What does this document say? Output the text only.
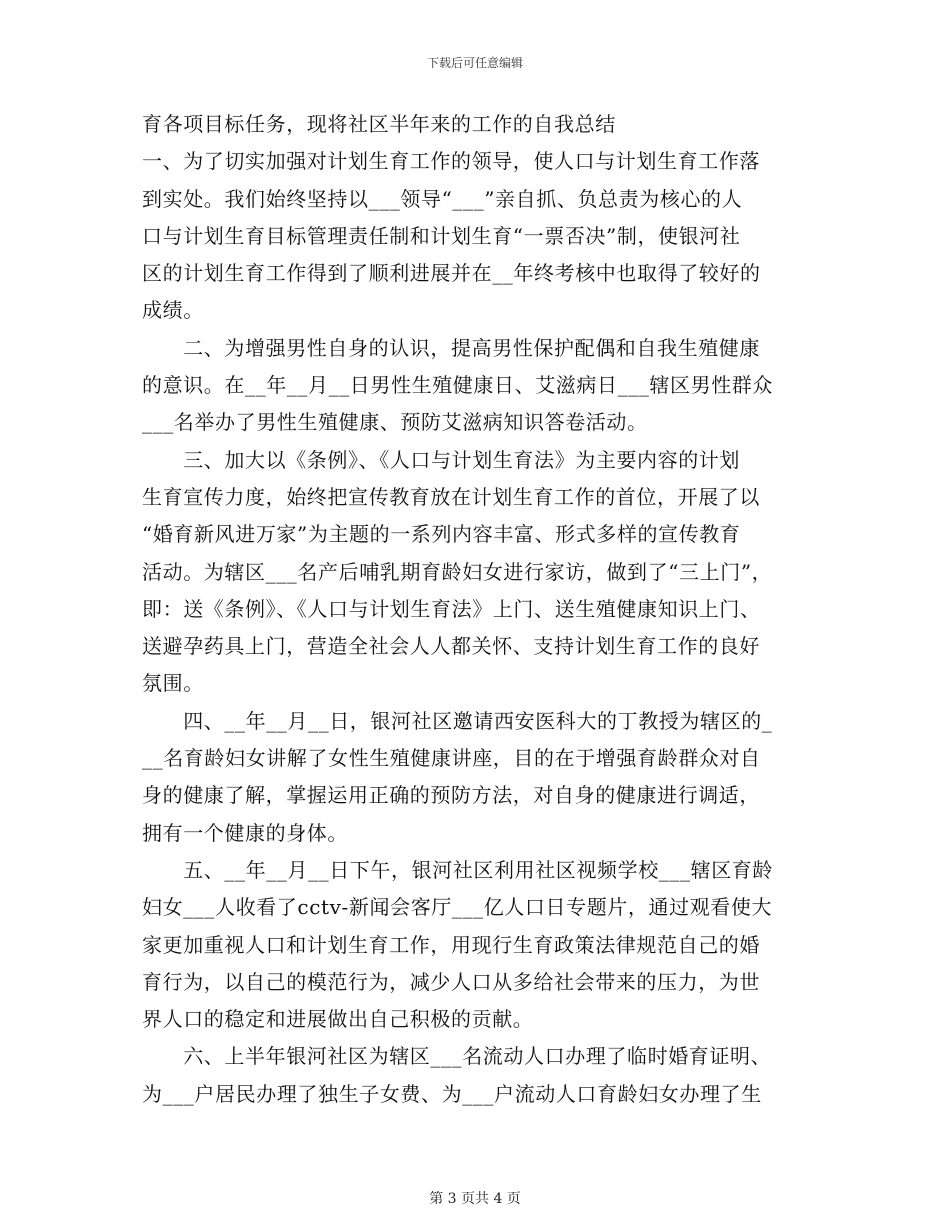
下载后可任意编辑
育各项目标任务，现将社区半年来的工作的自我总结
一、为了切实加强对计划生育工作的领导，使人口与计划生育工作落
到实处。我们始终坚持以___领导“___”亲自抓、负总责为核心的人
口与计划生育目标管理责任制和计划生育“一票否决”制，使银河社
区的计划生育工作得到了顺利进展并在__年终考核中也取得了较好的
成绩。
　　二、为增强男性自身的认识，提高男性保护配偶和自我生殖健康
的意识。在__年__月__日男性生殖健康日、艾滋病日___辖区男性群众
___名举办了男性生殖健康、预防艾滋病知识答卷活动。
　　三、加大以《条例》、《人口与计划生育法》为主要内容的计划
生育宣传力度，始终把宣传教育放在计划生育工作的首位，开展了以
“婚育新风进万家”为主题的一系列内容丰富、形式多样的宣传教育
活动。为辖区___名产后哺乳期育龄妇女进行家访，做到了“三上门”，
即：送《条例》、《人口与计划生育法》上门、送生殖健康知识上门、
送避孕药具上门，营造全社会人人都关怀、支持计划生育工作的良好
氛围。
　　四、__年__月__日，银河社区邀请西安医科大的丁教授为辖区的_
__名育龄妇女讲解了女性生殖健康讲座，目的在于增强育龄群众对自
身的健康了解，掌握运用正确的预防方法，对自身的健康进行调适，
拥有一个健康的身体。
　　五、__年__月__日下午，银河社区利用社区视频学校___辖区育龄
妇女___人收看了cctv-新闻会客厅___亿人口日专题片，通过观看使大
家更加重视人口和计划生育工作，用现行生育政策法律规范自己的婚
育行为，以自己的模范行为，减少人口从多给社会带来的压力，为世
界人口的稳定和进展做出自己积极的贡献。
　　六、上半年银河社区为辖区___名流动人口办理了临时婚育证明、
为___户居民办理了独生子女费、为___户流动人口育龄妇女办理了生
第 3 页共 4 页
